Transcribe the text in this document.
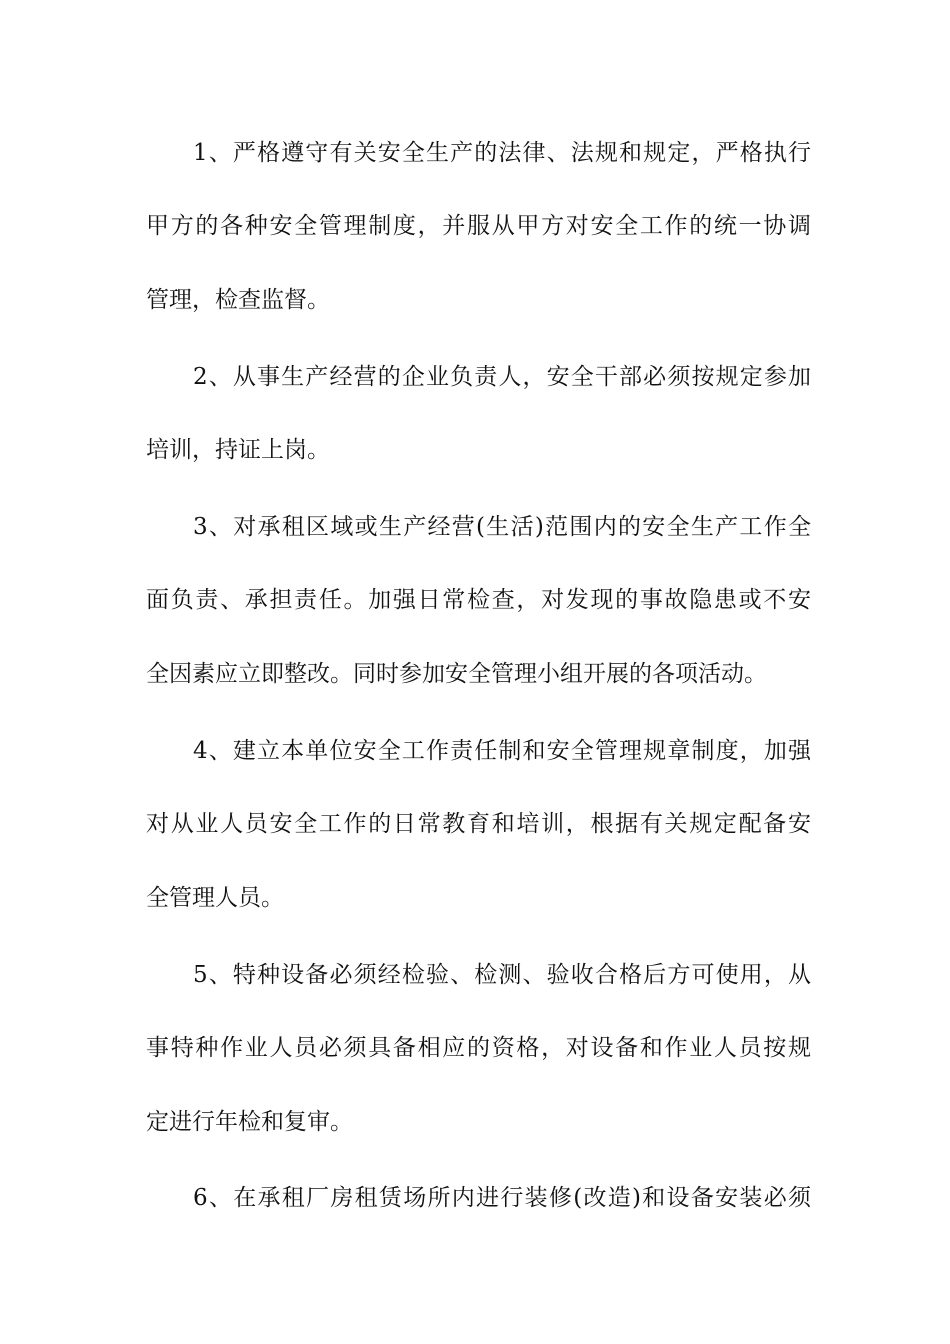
1、严格遵守有关安全生产的法律、法规和规定，严格执行
甲方的各种安全管理制度，并服从甲方对安全工作的统一协调
管理，检查监督。
2、从事生产经营的企业负责人，安全干部必须按规定参加
培训，持证上岗。
3、对承租区域或生产经营(生活)范围内的安全生产工作全
面负责、承担责任。加强日常检查，对发现的事故隐患或不安
全因素应立即整改。同时参加安全管理小组开展的各项活动。
4、建立本单位安全工作责任制和安全管理规章制度，加强
对从业人员安全工作的日常教育和培训，根据有关规定配备安
全管理人员。
5、特种设备必须经检验、检测、验收合格后方可使用，从
事特种作业人员必须具备相应的资格，对设备和作业人员按规
定进行年检和复审。
6、在承租厂房租赁场所内进行装修(改造)和设备安装必须
